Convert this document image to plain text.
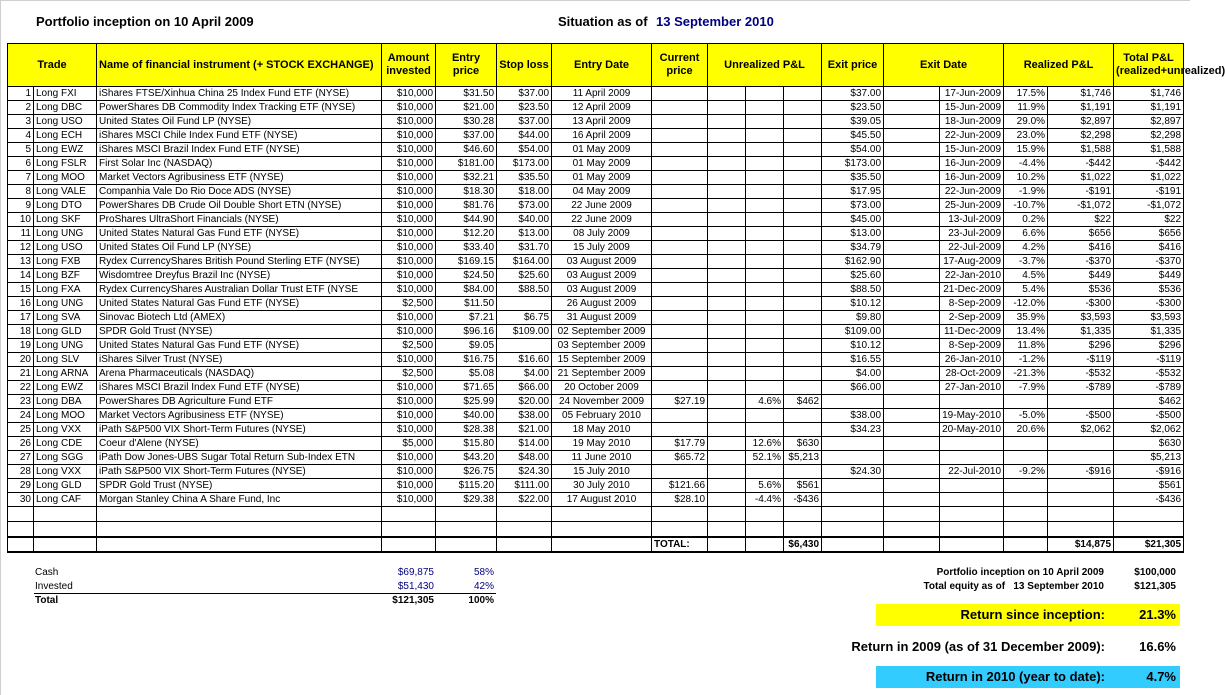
Portfolio inception on 10 April 2009	Situation as of 13 September 2010
Trade		Name of financial instrument (+ STOCK EXCHANGE)	Amount invested	Entry price	Stop loss	Entry Date	Current price	Unrealized P&L			Exit price	Exit Date		Realized P&L		Total P&L (realized+unrealized)
1	Long FXI	iShares FTSE/Xinhua China 25 Index Fund ETF (NYSE)	$10,000	$31.50	$37.00	11 April 2009					$37.00		17-Jun-2009	17.5%	$1,746	$1,746
2	Long DBC	PowerShares DB Commodity Index Tracking ETF (NYSE)	$10,000	$21.00	$23.50	12 April 2009					$23.50		15-Jun-2009	11.9%	$1,191	$1,191
3	Long USO	United States Oil Fund LP (NYSE)	$10,000	$30.28	$37.00	13 April 2009					$39.05		18-Jun-2009	29.0%	$2,897	$2,897
4	Long ECH	iShares MSCI Chile Index Fund ETF (NYSE)	$10,000	$37.00	$44.00	16 April 2009					$45.50		22-Jun-2009	23.0%	$2,298	$2,298
5	Long EWZ	iShares MSCI Brazil Index Fund ETF (NYSE)	$10,000	$46.60	$54.00	01 May 2009					$54.00		15-Jun-2009	15.9%	$1,588	$1,588
6	Long FSLR	First Solar Inc (NASDAQ)	$10,000	$181.00	$173.00	01 May 2009					$173.00		16-Jun-2009	-4.4%	-$442	-$442
7	Long MOO	Market Vectors Agribusiness ETF (NYSE)	$10,000	$32.21	$35.50	01 May 2009					$35.50		16-Jun-2009	10.2%	$1,022	$1,022
8	Long VALE	Companhia Vale Do Rio Doce ADS (NYSE)	$10,000	$18.30	$18.00	04 May 2009					$17.95		22-Jun-2009	-1.9%	-$191	-$191
9	Long DTO	PowerShares DB Crude Oil Double Short ETN (NYSE)	$10,000	$81.76	$73.00	22 June 2009					$73.00		25-Jun-2009	-10.7%	-$1,072	-$1,072
10	Long SKF	ProShares UltraShort Financials (NYSE)	$10,000	$44.90	$40.00	22 June 2009					$45.00		13-Jul-2009	0.2%	$22	$22
11	Long UNG	United States Natural Gas Fund ETF (NYSE)	$10,000	$12.20	$13.00	08 July 2009					$13.00		23-Jul-2009	6.6%	$656	$656
12	Long USO	United States Oil Fund LP (NYSE)	$10,000	$33.40	$31.70	15 July 2009					$34.79		22-Jul-2009	4.2%	$416	$416
13	Long FXB	Rydex CurrencyShares British Pound Sterling ETF (NYSE)	$10,000	$169.15	$164.00	03 August 2009					$162.90		17-Aug-2009	-3.7%	-$370	-$370
14	Long BZF	Wisdomtree Dreyfus Brazil Inc (NYSE)	$10,000	$24.50	$25.60	03 August 2009					$25.60		22-Jan-2010	4.5%	$449	$449
15	Long FXA	Rydex CurrencyShares Australian Dollar Trust ETF (NYSE	$10,000	$84.00	$88.50	03 August 2009					$88.50		21-Dec-2009	5.4%	$536	$536
16	Long UNG	United States Natural Gas Fund ETF (NYSE)	$2,500	$11.50		26 August 2009					$10.12		8-Sep-2009	-12.0%	-$300	-$300
17	Long SVA	Sinovac Biotech Ltd (AMEX)	$10,000	$7.21	$6.75	31 August 2009					$9.80		2-Sep-2009	35.9%	$3,593	$3,593
18	Long GLD	SPDR Gold Trust (NYSE)	$10,000	$96.16	$109.00	02 September 2009					$109.00		11-Dec-2009	13.4%	$1,335	$1,335
19	Long UNG	United States Natural Gas Fund ETF (NYSE)	$2,500	$9.05		03 September 2009					$10.12		8-Sep-2009	11.8%	$296	$296
20	Long SLV	iShares Silver Trust (NYSE)	$10,000	$16.75	$16.60	15 September 2009					$16.55		26-Jan-2010	-1.2%	-$119	-$119
21	Long ARNA	Arena Pharmaceuticals (NASDAQ)	$2,500	$5.08	$4.00	21 September 2009					$4.00		28-Oct-2009	-21.3%	-$532	-$532
22	Long EWZ	iShares MSCI Brazil Index Fund ETF (NYSE)	$10,000	$71.65	$66.00	20 October 2009					$66.00		27-Jan-2010	-7.9%	-$789	-$789
23	Long DBA	PowerShares DB Agriculture Fund ETF	$10,000	$25.99	$20.00	24 November 2009	$27.19		4.6%	$462						$462
24	Long MOO	Market Vectors Agribusiness ETF (NYSE)	$10,000	$40.00	$38.00	05 February 2010					$38.00		19-May-2010	-5.0%	-$500	-$500
25	Long VXX	iPath S&P500 VIX Short-Term Futures (NYSE)	$10,000	$28.38	$21.00	18 May 2010					$34.23		20-May-2010	20.6%	$2,062	$2,062
26	Long CDE	Coeur d'Alene (NYSE)	$5,000	$15.80	$14.00	19 May 2010	$17.79		12.6%	$630						$630
27	Long SGG	iPath Dow Jones-UBS Sugar Total Return Sub-Index ETN	$10,000	$43.20	$48.00	11 June 2010	$65.72		52.1%	$5,213						$5,213
28	Long VXX	iPath S&P500 VIX Short-Term Futures (NYSE)	$10,000	$26.75	$24.30	15 July 2010					$24.30		22-Jul-2010	-9.2%	-$916	-$916
29	Long GLD	SPDR Gold Trust (NYSE)	$10,000	$115.20	$111.00	30 July 2010	$121.66		5.6%	$561						$561
30	Long CAF	Morgan Stanley China A Share Fund, Inc	$10,000	$29.38	$22.00	17 August 2010	$28.10		-4.4%	-$436						-$436

							TOTAL:			$6,430					$14,875	$21,305
Cash	$69,875	58%
Invested	$51,430	42%
Total	$121,305	100%
Portfolio inception on 10 April 2009	$100,000
Total equity as of 13 September 2010	$121,305
Return since inception:	21.3%
Return in 2009 (as of 31 December 2009):	16.6%
Return in 2010 (year to date):	4.7%
